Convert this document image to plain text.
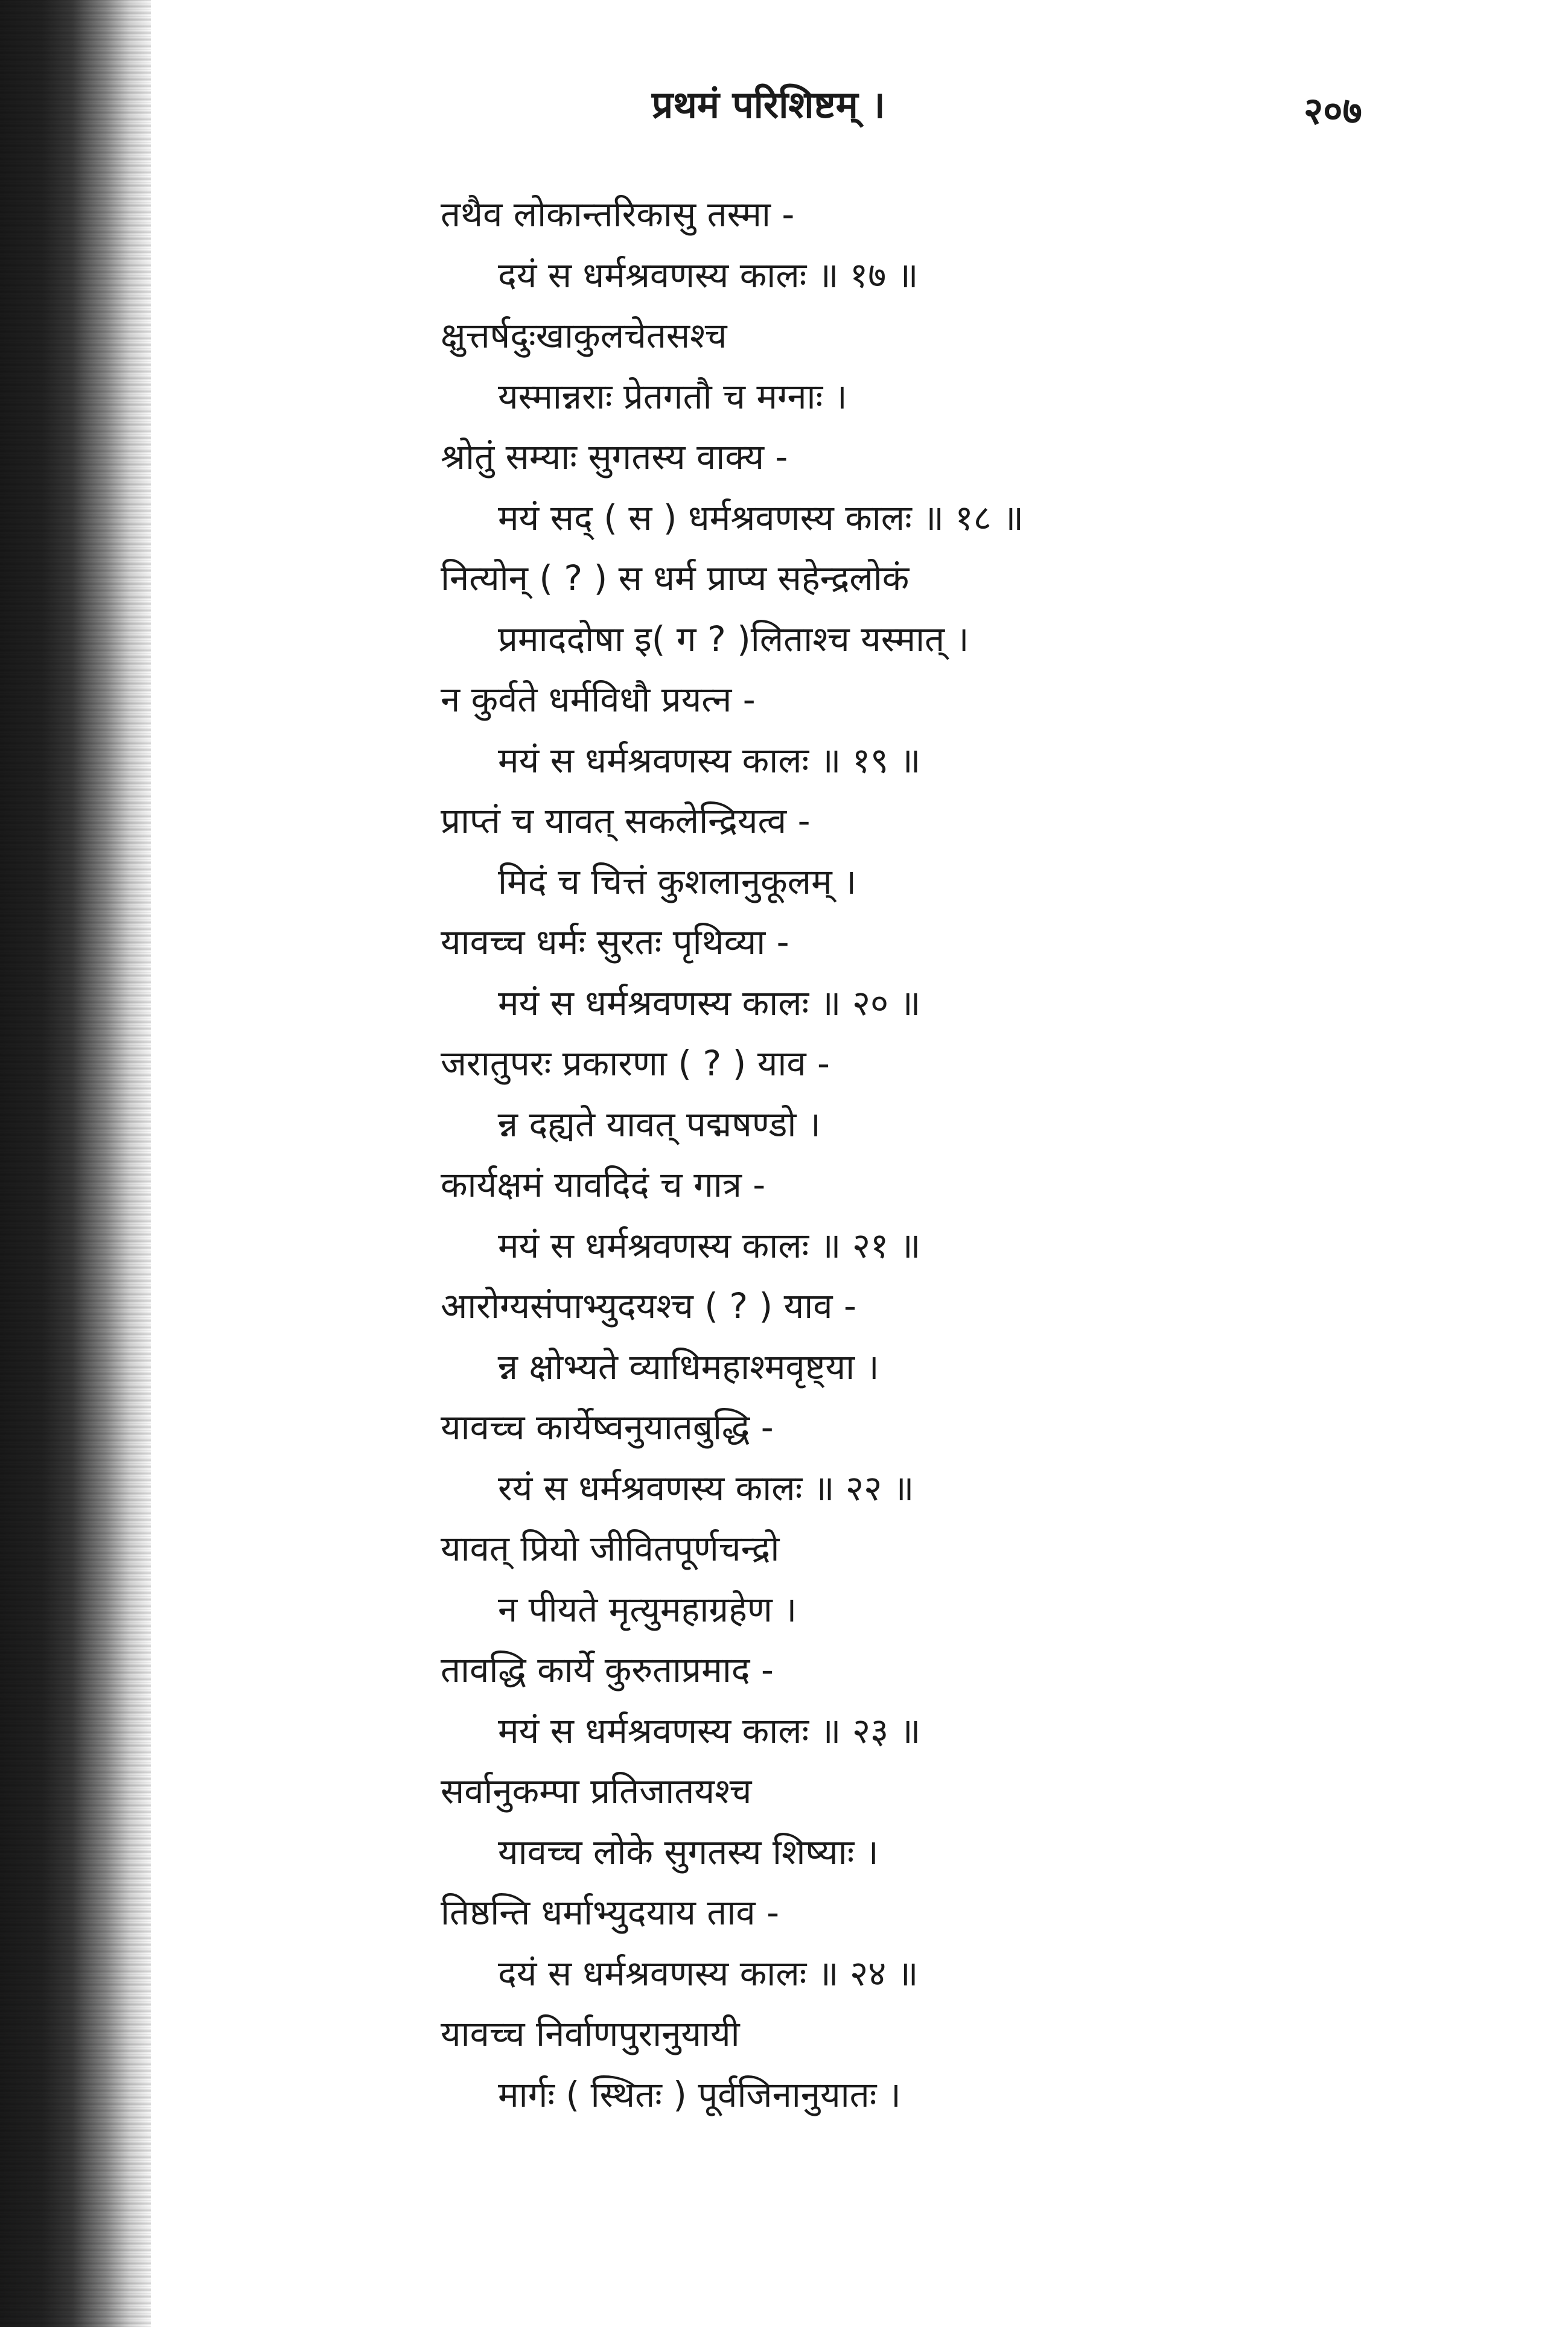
प्रथमं परिशिष्टम् ।	२०७
तथैव लोकान्तरिकासु तस्मा -
दयं स धर्मश्रवणस्य कालः ॥ १७ ॥
क्षुत्तर्षदुःखाकुलचेतसश्च
यस्मान्नराः प्रेतगतौ च मग्नाः ।
श्रोतुं सम्याः सुगतस्य वाक्य -
मयं सद् ( स ) धर्मश्रवणस्य कालः ॥ १८ ॥
नित्योन् ( ? ) स धर्म प्राप्य सहेन्द्रलोकं
प्रमाददोषा इ( ग ? )लिताश्च यस्मात् ।
न कुर्वते धर्मविधौ प्रयत्न -
मयं स धर्मश्रवणस्य कालः ॥ १९ ॥
प्राप्तं च यावत् सकलेन्द्रियत्व -
मिदं च चित्तं कुशलानुकूलम् ।
यावच्च धर्मः सुरतः पृथिव्या -
मयं स धर्मश्रवणस्य कालः ॥ २० ॥
जरातुपरः प्रकारणा ( ? ) याव -
न्न दह्यते यावत् पद्मषण्डो ।
कार्यक्षमं यावदिदं च गात्र -
मयं स धर्मश्रवणस्य कालः ॥ २१ ॥
आरोग्यसंपाभ्युदयश्च ( ? ) याव -
न्न क्षोभ्यते व्याधिमहाश्मवृष्ट्या ।
यावच्च कार्येष्वनुयातबुद्धि -
रयं स धर्मश्रवणस्य कालः ॥ २२ ॥
यावत् प्रियो जीवितपूर्णचन्द्रो
न पीयते मृत्युमहाग्रहेण ।
तावद्धि कार्ये कुरुताप्रमाद -
मयं स धर्मश्रवणस्य कालः ॥ २३ ॥
सर्वानुकम्पा प्रतिजातयश्च
यावच्च लोके सुगतस्य शिष्याः ।
तिष्ठन्ति धर्माभ्युदयाय ताव -
दयं स धर्मश्रवणस्य कालः ॥ २४ ॥
यावच्च निर्वाणपुरानुयायी
मार्गः ( स्थितः ) पूर्वजिनानुयातः ।
